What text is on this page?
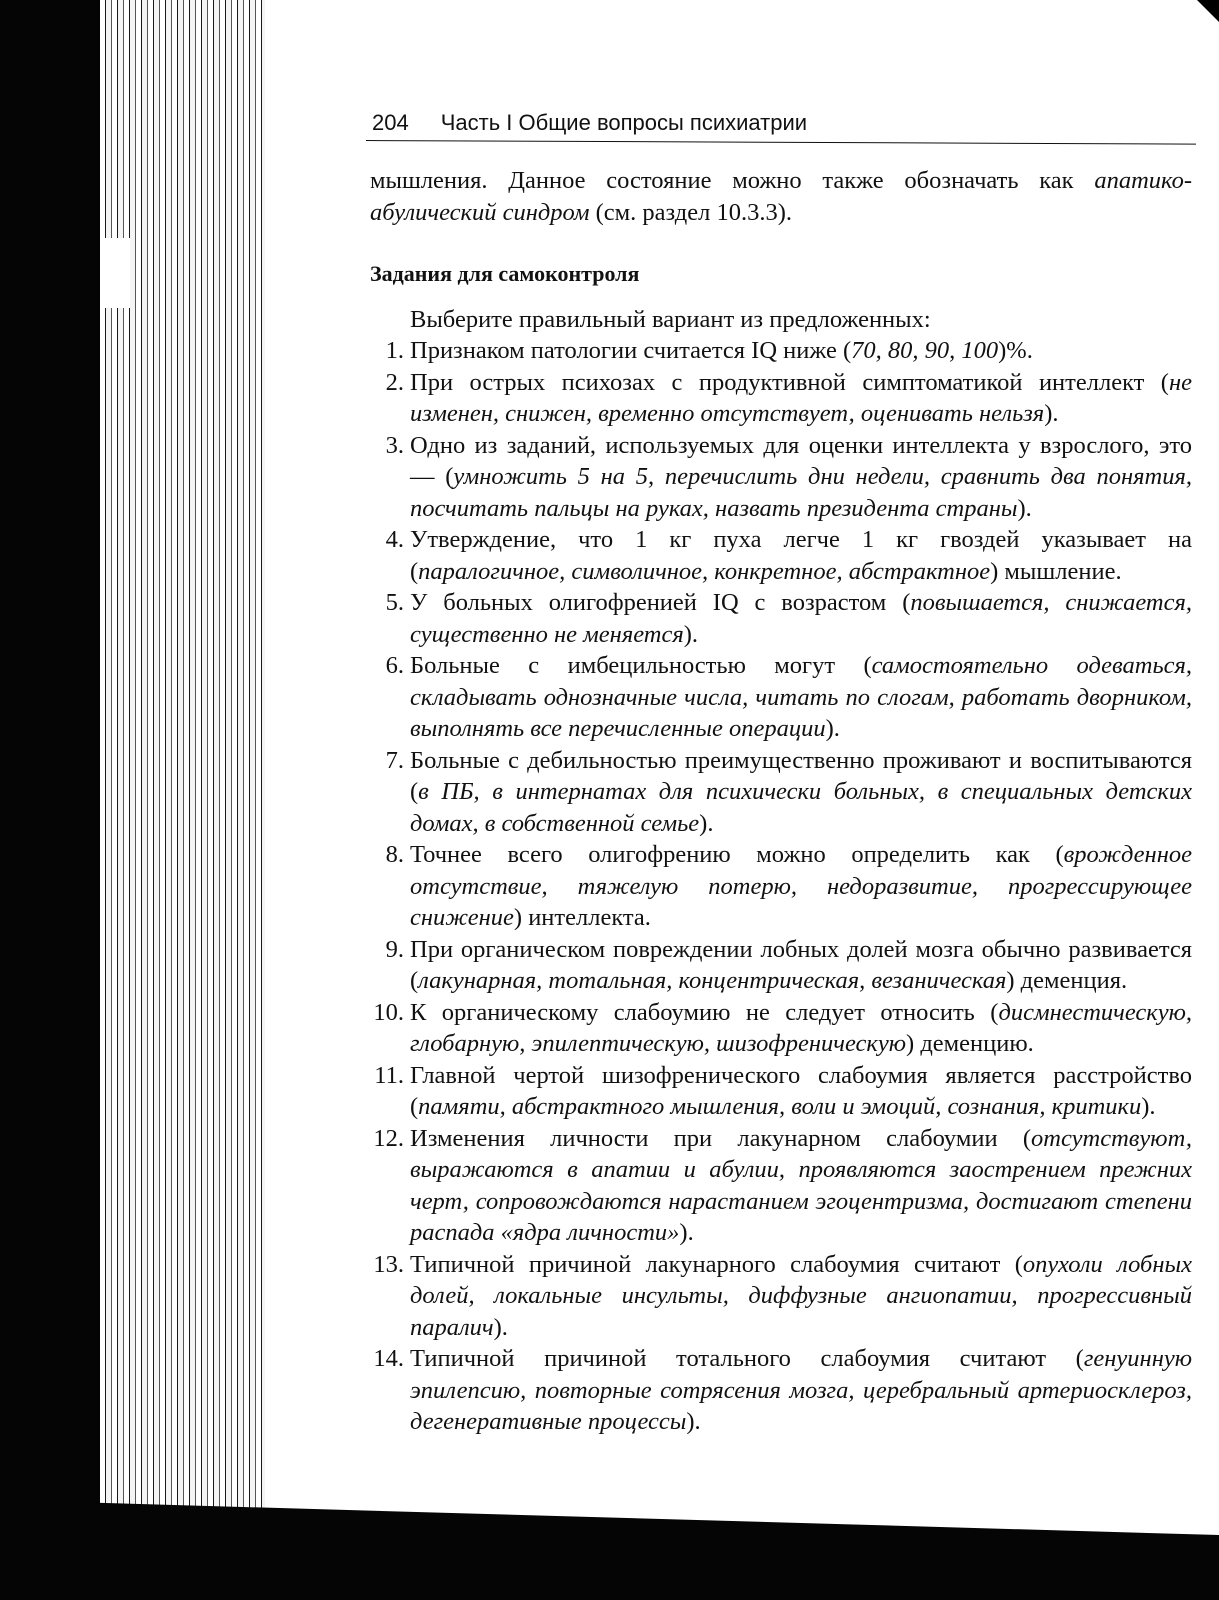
204 Часть I Общие вопросы психиатрии

мышления. Данное состояние можно также обозначать как апатико-абулический синдром (см. раздел 10.3.3).

Задания для самоконтроля

Выберите правильный вариант из предложенных:

1. Признаком патологии считается IQ ниже (70, 80, 90, 100)%.
2. При острых психозах с продуктивной симптоматикой интеллект (не изменен, снижен, временно отсутствует, оценивать нельзя).
3. Одно из заданий, используемых для оценки интеллекта у взрослого, это — (умножить 5 на 5, перечислить дни недели, сравнить два понятия, посчитать пальцы на руках, назвать президента страны).
4. Утверждение, что 1 кг пуха легче 1 кг гвоздей указывает на (паралогичное, символичное, конкретное, абстрактное) мышление.
5. У больных олигофренией IQ с возрастом (повышается, снижается, существенно не меняется).
6. Больные с имбецильностью могут (самостоятельно одеваться, складывать однозначные числа, читать по слогам, работать дворником, выполнять все перечисленные операции).
7. Больные с дебильностью преимущественно проживают и воспитываются (в ПБ, в интернатах для психически больных, в специальных детских домах, в собственной семье).
8. Точнее всего олигофрению можно определить как (врожденное отсутствие, тяжелую потерю, недоразвитие, прогрессирующее снижение) интеллекта.
9. При органическом повреждении лобных долей мозга обычно развивается (лакунарная, тотальная, концентрическая, везаническая) деменция.
10. К органическому слабоумию не следует относить (дисмнестическую, глобарную, эпилептическую, шизофреническую) деменцию.
11. Главной чертой шизофренического слабоумия является расстройство (памяти, абстрактного мышления, воли и эмоций, сознания, критики).
12. Изменения личности при лакунарном слабоумии (отсутствуют, выражаются в апатии и абулии, проявляются заострением прежних черт, сопровождаются нарастанием эгоцентризма, достигают степени распада «ядра личности»).
13. Типичной причиной лакунарного слабоумия считают (опухоли лобных долей, локальные инсульты, диффузные ангиопатии, прогрессивный паралич).
14. Типичной причиной тотального слабоумия считают (генуинную эпилепсию, повторные сотрясения мозга, церебральный артериосклероз, дегенеративные процессы).
